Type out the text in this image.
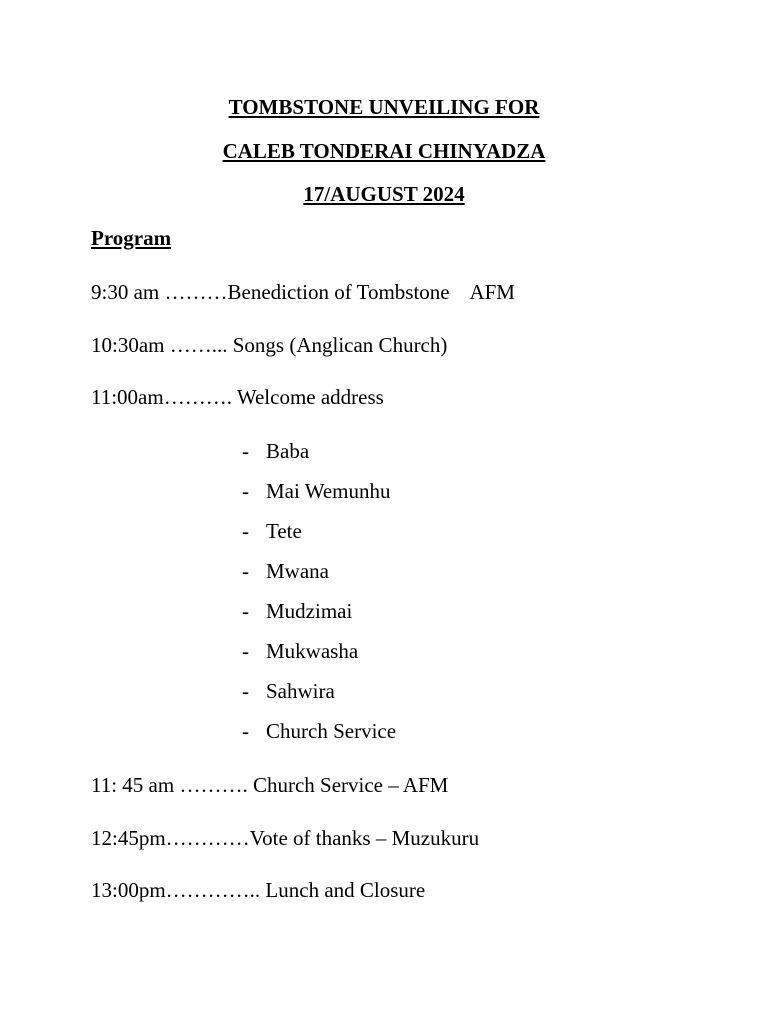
TOMBSTONE UNVEILING FOR
CALEB TONDERAI CHINYADZA
17/AUGUST 2024
Program
9:30 am ………Benediction of Tombstone    AFM
10:30am ……... Songs (Anglican Church)
11:00am………. Welcome address
- Baba
- Mai Wemunhu
- Tete
- Mwana
- Mudzimai
- Mukwasha
- Sahwira
- Church Service
11: 45 am ………. Church Service – AFM
12:45pm…………Vote of thanks – Muzukuru
13:00pm………….. Lunch and Closure
